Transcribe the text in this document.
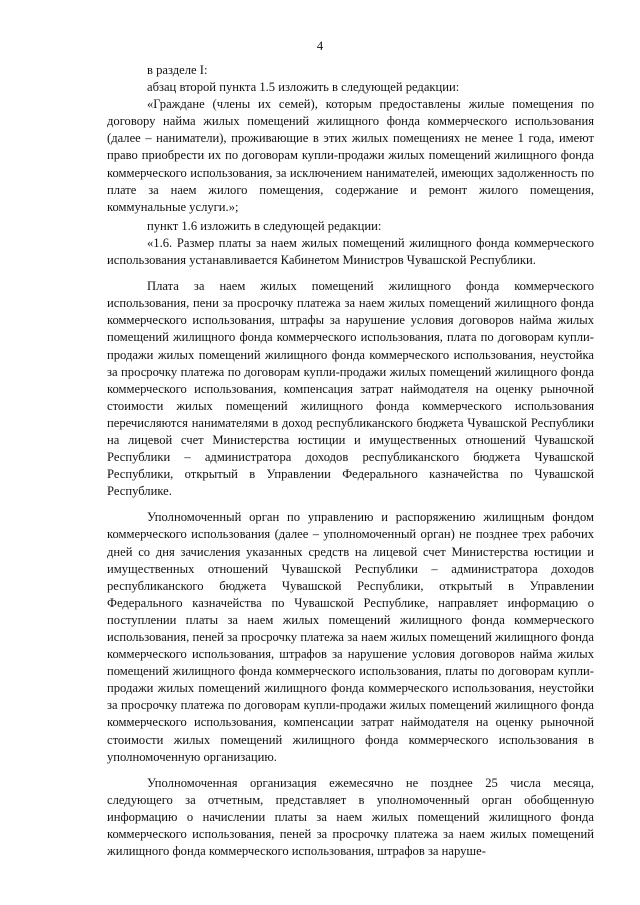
4

в разделе I:

абзац второй пункта 1.5 изложить в следующей редакции:

«Граждане (члены их семей), которым предоставлены жилые помещения по договору найма жилых помещений жилищного фонда коммерческого использования (далее – наниматели), проживающие в этих жилых помещениях не менее 1 года, имеют право приобрести их по договорам купли-продажи жилых помещений жилищного фонда коммерческого использования, за исключением нанимателей, имеющих задолженность по плате за наем жилого помещения, содержание и ремонт жилого помещения, коммунальные услуги.»;

пункт 1.6 изложить в следующей редакции:

«1.6. Размер платы за наем жилых помещений жилищного фонда коммерческого использования устанавливается Кабинетом Министров Чувашской Республики.

Плата за наем жилых помещений жилищного фонда коммерческого использования, пени за просрочку платежа за наем жилых помещений жилищного фонда коммерческого использования, штрафы за нарушение условия договоров найма жилых помещений жилищного фонда коммерческого использования, плата по договорам купли-продажи жилых помещений жилищного фонда коммерческого использования, неустойка за просрочку платежа по договорам купли-продажи жилых помещений жилищного фонда коммерческого использования, компенсация затрат наймодателя на оценку рыночной стоимости жилых помещений жилищного фонда коммерческого использования перечисляются нанимателями в доход республиканского бюджета Чувашской Республики на лицевой счет Министерства юстиции и имущественных отношений Чувашской Республики – администратора доходов республиканского бюджета Чувашской Республики, открытый в Управлении Федерального казначейства по Чувашской Республике.

Уполномоченный орган по управлению и распоряжению жилищным фондом коммерческого использования (далее – уполномоченный орган) не позднее трех рабочих дней со дня зачисления указанных средств на лицевой счет Министерства юстиции и имущественных отношений Чувашской Республики – администратора доходов республиканского бюджета Чувашской Республики, открытый в Управлении Федерального казначейства по Чувашской Республике, направляет информацию о поступлении платы за наем жилых помещений жилищного фонда коммерческого использования, пеней за просрочку платежа за наем жилых помещений жилищного фонда коммерческого использования, штрафов за нарушение условия договоров найма жилых помещений жилищного фонда коммерческого использования, платы по договорам купли-продажи жилых помещений жилищного фонда коммерческого использования, неустойки за просрочку платежа по договорам купли-продажи жилых помещений жилищного фонда коммерческого использования, компенсации затрат наймодателя на оценку рыночной стоимости жилых помещений жилищного фонда коммерческого использования в уполномоченную организацию.

Уполномоченная организация ежемесячно не позднее 25 числа месяца, следующего за отчетным, представляет в уполномоченный орган обобщенную информацию о начислении платы за наем жилых помещений жилищного фонда коммерческого использования, пеней за просрочку платежа за наем жилых помещений жилищного фонда коммерческого использования, штрафов за наруше-
